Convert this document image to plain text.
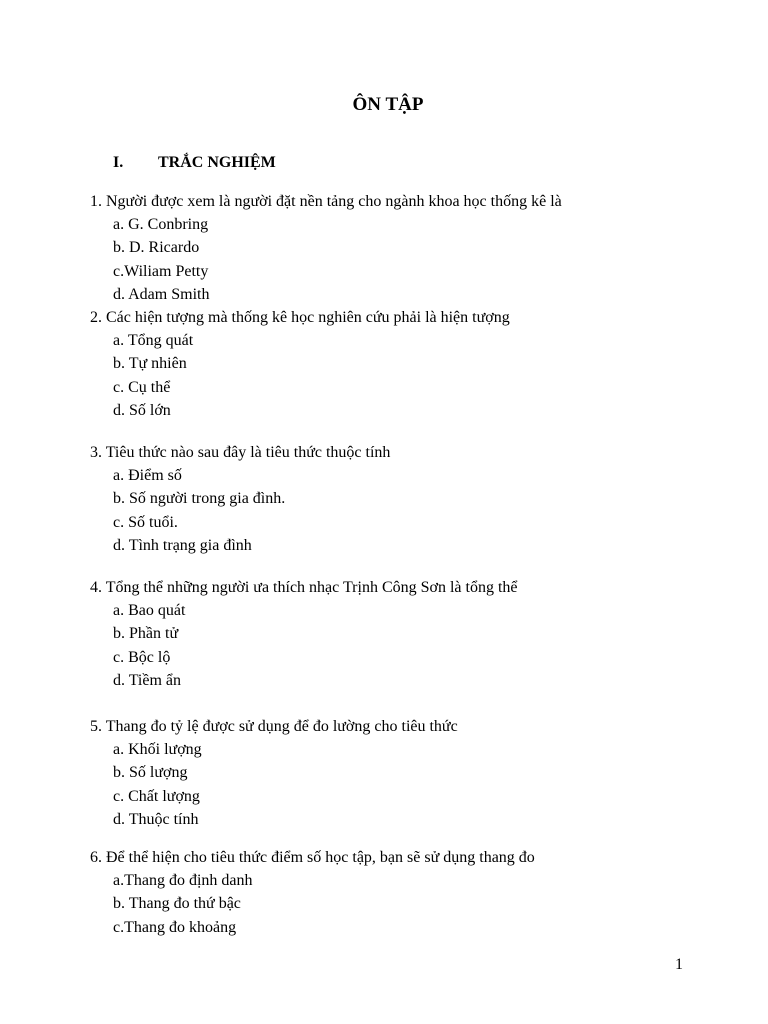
ÔN TẬP
I. TRẮC NGHIỆM
1. Người được xem là người đặt nền tảng cho ngành khoa học thống kê là
a. G. Conbring
b. D. Ricardo
c.Wiliam Petty
d. Adam Smith
2. Các hiện tượng mà thống kê học nghiên cứu phải là hiện tượng
a. Tổng quát
b. Tự nhiên
c. Cụ thể
d. Số lớn
3. Tiêu thức nào sau đây là tiêu thức thuộc tính
a. Điểm số
b. Số người trong gia đình.
c. Số tuổi.
d. Tình trạng gia đình
4. Tổng thể những người ưa thích nhạc Trịnh Công Sơn là tổng thể
a. Bao quát
b. Phần tử
c. Bộc lộ
d. Tiềm ẩn
5. Thang đo tỷ lệ được sử dụng để đo lường cho tiêu thức
a. Khối lượng
b. Số lượng
c. Chất lượng
d. Thuộc tính
6. Để thể hiện cho tiêu thức điểm số học tập, bạn sẽ sử dụng thang đo
a.Thang đo định danh
b. Thang đo thứ bậc
c.Thang đo khoảng
1
